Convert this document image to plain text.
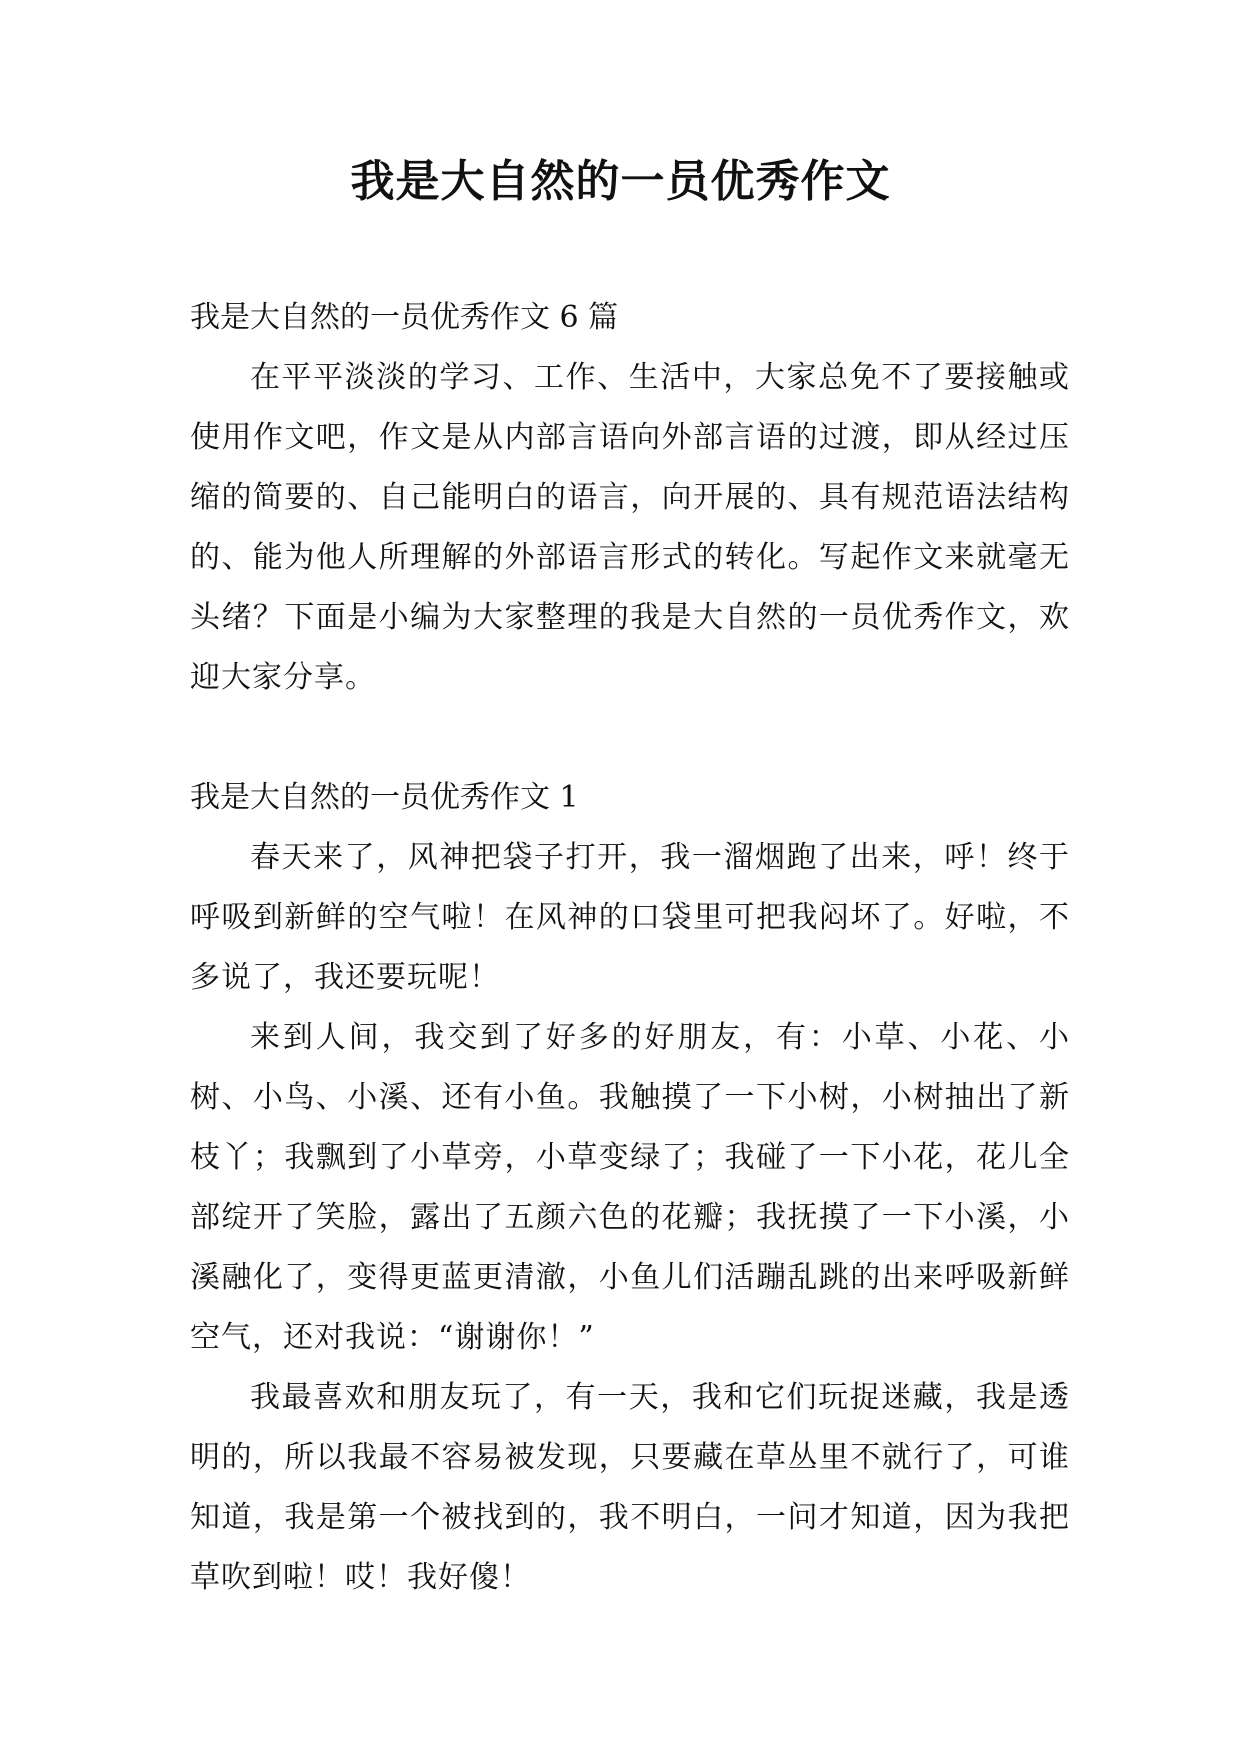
我是大自然的一员优秀作文

我是大自然的一员优秀作文 6 篇

在平平淡淡的学习、工作、生活中，大家总免不了要接触或使用作文吧，作文是从内部言语向外部言语的过渡，即从经过压缩的简要的、自己能明白的语言，向开展的、具有规范语法结构的、能为他人所理解的外部语言形式的转化。写起作文来就毫无头绪？下面是小编为大家整理的我是大自然的一员优秀作文，欢迎大家分享。

我是大自然的一员优秀作文 1

春天来了，风神把袋子打开，我一溜烟跑了出来，呼！终于呼吸到新鲜的空气啦！在风神的口袋里可把我闷坏了。好啦，不多说了，我还要玩呢！

来到人间，我交到了好多的好朋友，有：小草、小花、小树、小鸟、小溪、还有小鱼。我触摸了一下小树，小树抽出了新枝丫；我飘到了小草旁，小草变绿了；我碰了一下小花，花儿全部绽开了笑脸，露出了五颜六色的花瓣；我抚摸了一下小溪，小溪融化了，变得更蓝更清澈，小鱼儿们活蹦乱跳的出来呼吸新鲜空气，还对我说：“谢谢你！”

我最喜欢和朋友玩了，有一天，我和它们玩捉迷藏，我是透明的，所以我最不容易被发现，只要藏在草丛里不就行了，可谁知道，我是第一个被找到的，我不明白，一问才知道，因为我把草吹到啦！哎！我好傻！
